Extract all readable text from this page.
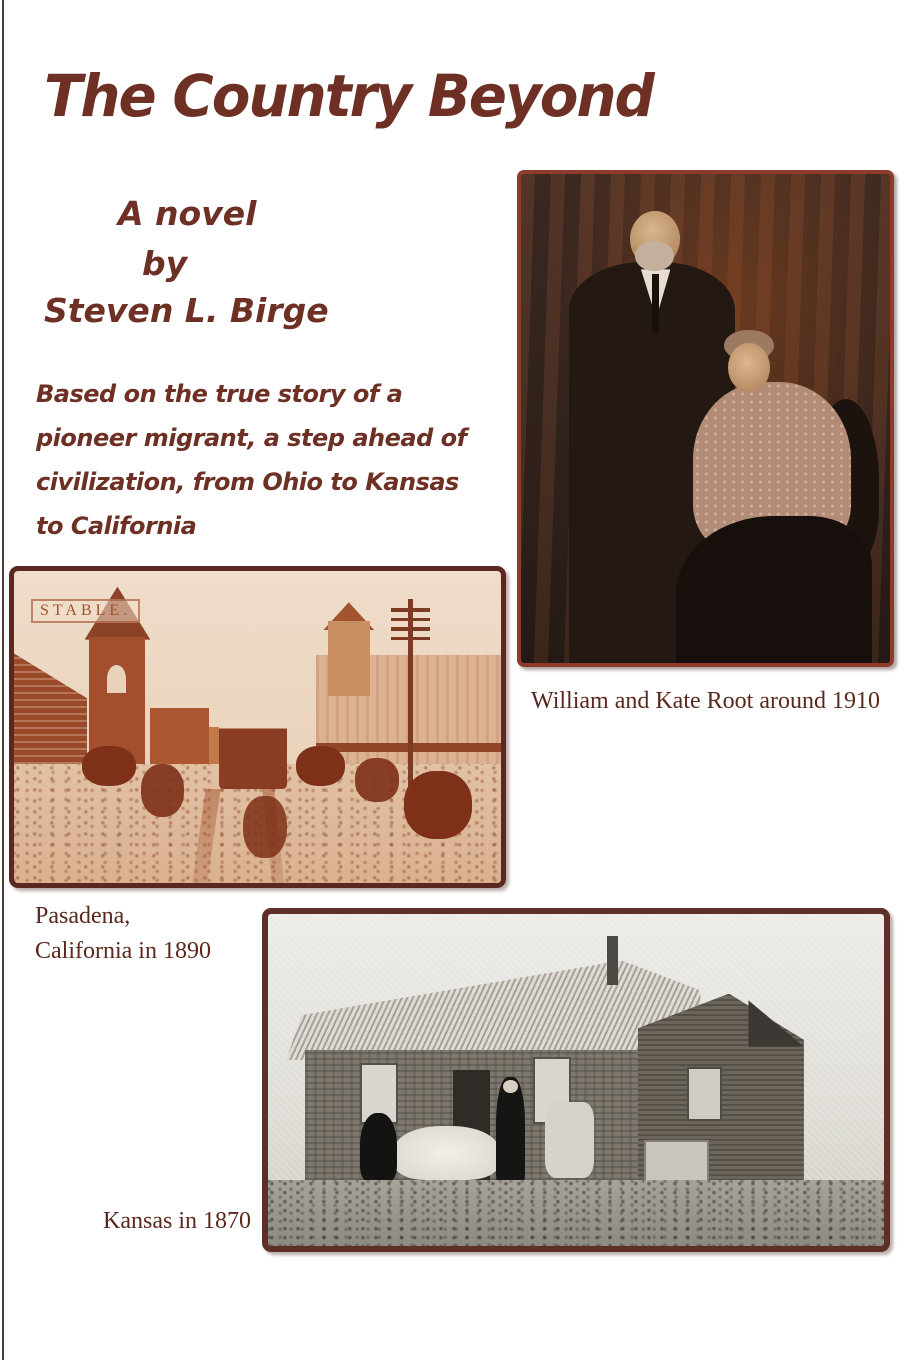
The Country Beyond
A novel
by
Steven L. Birge
Based on the true story of a
pioneer migrant, a step ahead of
civilization, from Ohio to Kansas
to California
William and Kate Root around 1910
STABLE.
Pasadena,
California in 1890
Kansas in 1870
